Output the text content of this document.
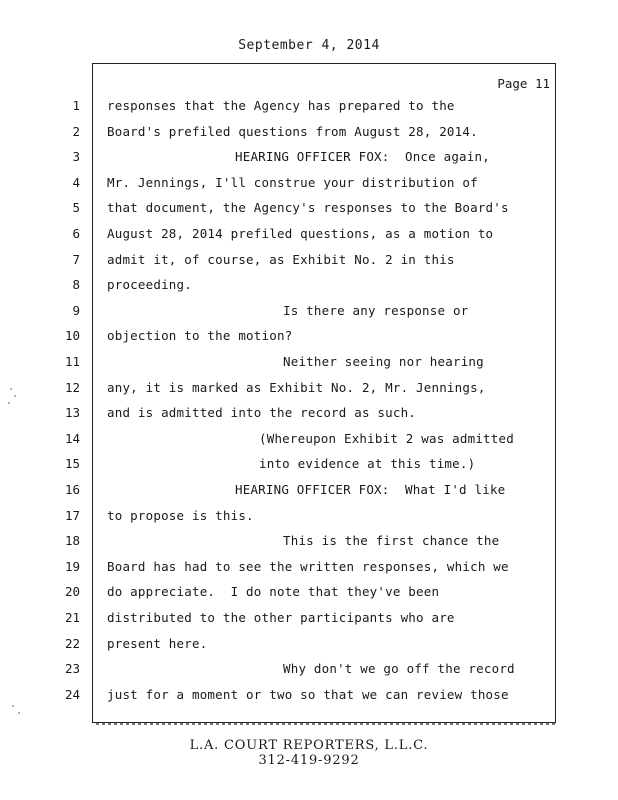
September 4, 2014
Page 11
1 responses that the Agency has prepared to the
2 Board's prefiled questions from August 28, 2014.
3	HEARING OFFICER FOX:  Once again,
4 Mr. Jennings, I'll construe your distribution of
5 that document, the Agency's responses to the Board's
6 August 28, 2014 prefiled questions, as a motion to
7 admit it, of course, as Exhibit No. 2 in this
8 proceeding.
9	Is there any response or
10 objection to the motion?
11	Neither seeing nor hearing
12 any, it is marked as Exhibit No. 2, Mr. Jennings,
13 and is admitted into the record as such.
14	(Whereupon Exhibit 2 was admitted
15	into evidence at this time.)
16	HEARING OFFICER FOX:  What I'd like
17 to propose is this.
18	This is the first chance the
19 Board has had to see the written responses, which we
20 do appreciate.  I do note that they've been
21 distributed to the other participants who are
22 present here.
23	Why don't we go off the record
24 just for a moment or two so that we can review those
L.A. COURT REPORTERS, L.L.C.
312-419-9292
